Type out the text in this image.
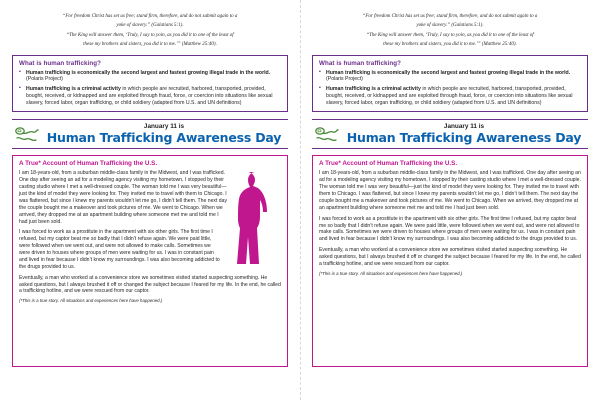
“For freedom Christ has set us free; stand firm, therefore, and do not submit again to a

yoke of slavery.” (Galatians 5:1).

“The King will answer them, ‘Truly, I say to yoin, as you did it to one of the least of

these my brothers and sisters, you did it to me.’” (Matthew 25:40).

What is human trafficking?
▪ Human trafficking is economically the second largest and fastest growing illegal trade in the world. (Polaris Project)
▪ Human trafficking is a criminal activity in which people are recruited, harbored, transported, provided, bought, received, or kidnapped and are exploited through fraud, force, or coercion into situations like sexual slavery, forced labor, organ trafficking, or child soldiery (adapted from U.S. and UN definitions)
January 11 is
Human Trafficking Awareness Day
A True* Account of Human Trafficking the U.S.

I am 18-years-old, from a suburban middle-class family in the Midwest, and I was trafficked. One day after seeing an ad for a modeling agency visiting my hometown, I stopped by their casting studio where I met a well-dressed couple. The woman told me I was very beautiful—just the kind of model they were looking for. They invited me to travel with them to Chicago. I was flattered, but since I knew my parents wouldn’t let me go, I didn’t tell them. The next day the couple bought me a makeover and took pictures of me. We went to Chicago. When we arrived, they dropped me at an apartment building where someone met me and told me I had just been sold.

I was forced to work as a prostitute in the apartment with six other girls. The first time I refused, but my captor beat me so badly that I didn’t refuse again. We were paid little, were followed when we went out, and were not allowed to make calls. Sometimes we were driven to houses where groups of men were waiting for us. I was in constant pain and lived in fear because I didn’t know my surroundings. I was also becoming addicted to the drugs provided to us.

Eventually, a man who worked at a convenience store we sometimes visited started suspecting something. He asked questions, but I always brushed it off or changed the subject because I feared for my life. In the end, he called a trafficking hotline, and we were rescued from our captor.

(*This is a true story. All situations and experiences here have happened.)

“For freedom Christ has set us free; stand firm, therefore, and do not submit again to a

yoke of slavery.” (Galatians 5:1).

“The King will answer them, ‘Truly, I say to yoin, as you did it to one of the least of

these my brothers and sisters, you did it to me.’” (Matthew 25:40).

What is human trafficking?
▪ Human trafficking is economically the second largest and fastest growing illegal trade in the world. (Polaris Project)
▪ Human trafficking is a criminal activity in which people are recruited, harbored, transported, provided, bought, received, or kidnapped and are exploited through fraud, force, or coercion into situations like sexual slavery, forced labor, organ trafficking, or child soldiery (adapted from U.S. and UN definitions)
January 11 is
Human Trafficking Awareness Day
A True* Account of Human Trafficking the U.S.

I am 18-years-old, from a suburban middle-class family in the Midwest, and I was trafficked. One day after seeing an ad for a modeling agency visiting my hometown, I stopped by their casting studio where I met a well-dressed couple. The woman told me I was very beautiful—just the kind of model they were looking for. They invited me to travel with them to Chicago. I was flattered, but since I knew my parents wouldn’t let me go, I didn’t tell them. The next day the couple bought me a makeover and took pictures of me. We went to Chicago. When we arrived, they dropped me at an apartment building where someone met me and told me I had just been sold.

I was forced to work as a prostitute in the apartment with six other girls. The first time I refused, but my captor beat me so badly that I didn’t refuse again. We were paid little, were followed when we went out, and were not allowed to make calls. Sometimes we were driven to houses where groups of men were waiting for us. I was in constant pain and lived in fear because I didn’t know my surroundings. I was also becoming addicted to the drugs provided to us.

Eventually, a man who worked at a convenience store we sometimes visited started suspecting something. He asked questions, but I always brushed it off or changed the subject because I feared for my life. In the end, he called a trafficking hotline, and we were rescued from our captor.

(*This is a true story. All situations and experiences here have happened.)
